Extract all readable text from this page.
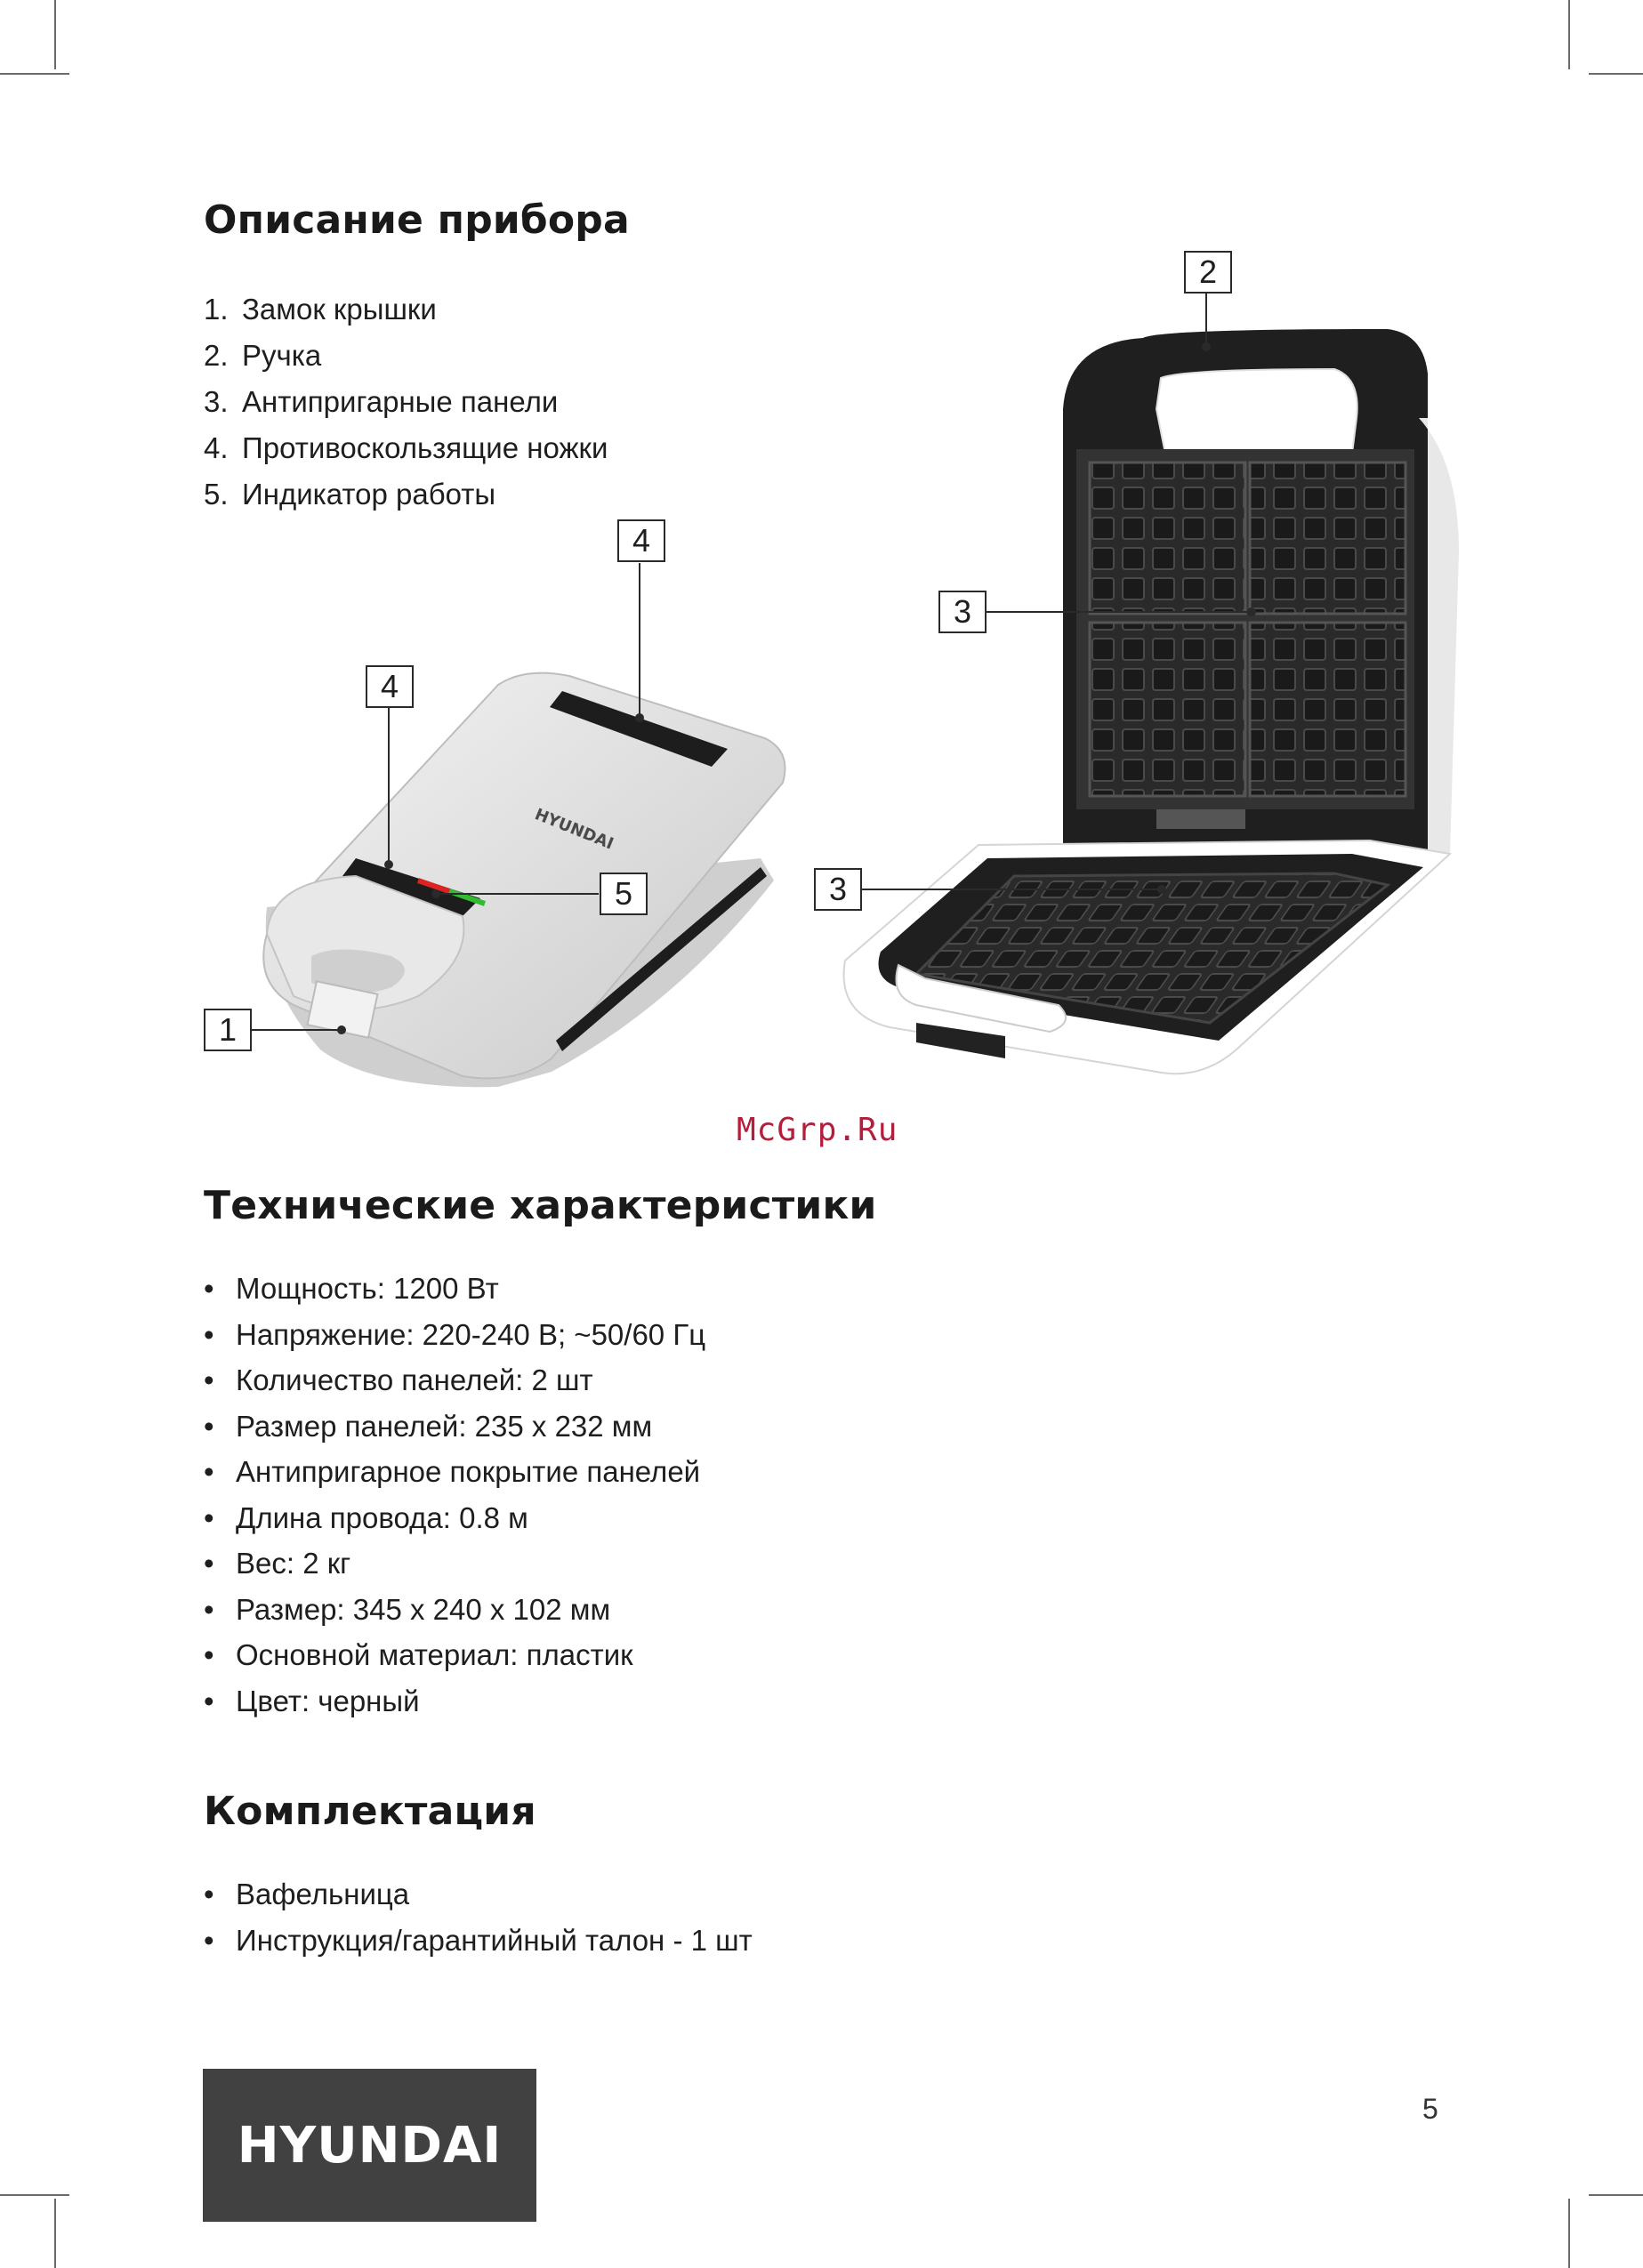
Описание прибора
1. Замок крышки
2. Ручка
3. Антипригарные панели
4. Противоскользящие ножки
5. Индикатор работы
HYUNDAI
1
2
3
3
4
4
5
McGrp.Ru
Технические характеристики
• Мощность: 1200 Вт
• Напряжение: 220-240 В; ~50/60 Гц
• Количество панелей: 2 шт
• Размер панелей: 235 х 232 мм
• Антипригарное покрытие панелей
• Длина провода: 0.8 м
• Вес: 2 кг
• Размер: 345 х 240 х 102 мм
• Основной материал: пластик
• Цвет: черный
Комплектация
• Вафельница
• Инструкция/гарантийный талон - 1 шт
HYUNDAI
5
